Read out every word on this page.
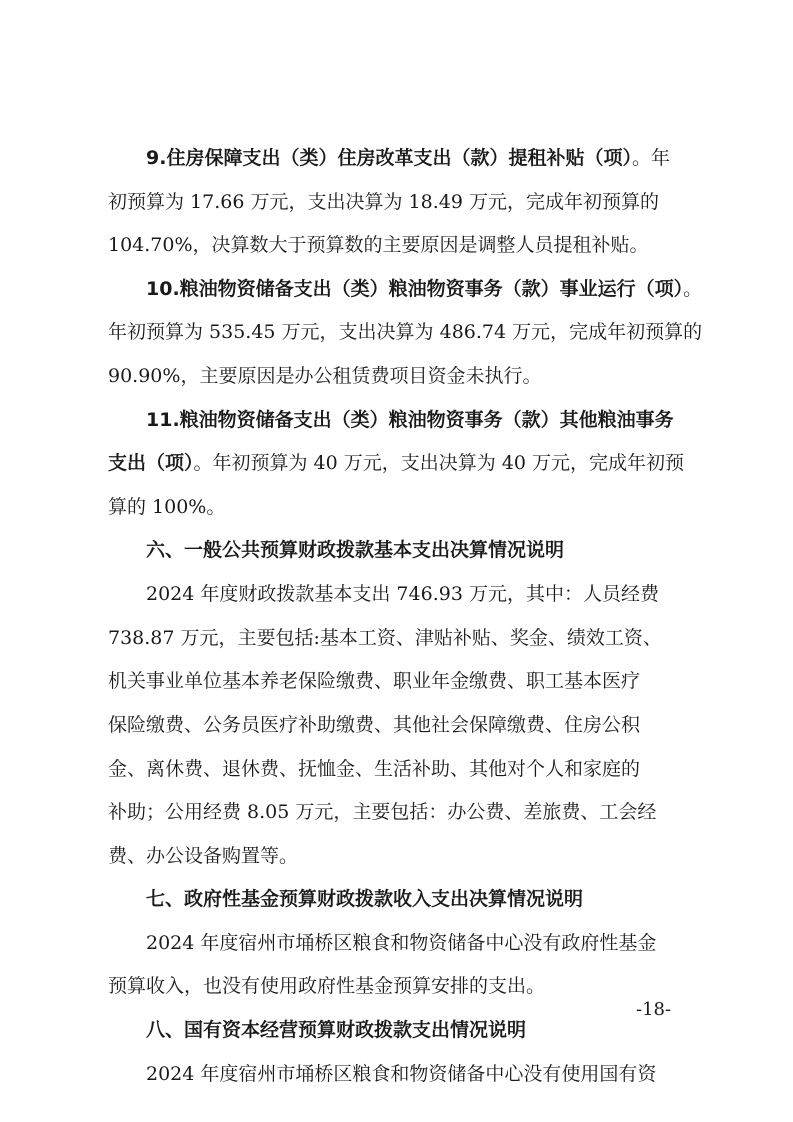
9.住房保障支出（类）住房改革支出（款）提租补贴（项）。年
初预算为 17.66 万元，支出决算为 18.49 万元，完成年初预算的
104.70%，决算数大于预算数的主要原因是调整人员提租补贴。
10.粮油物资储备支出（类）粮油物资事务（款）事业运行（项）。
年初预算为 535.45 万元，支出决算为 486.74 万元，完成年初预算的
90.90%，主要原因是办公租赁费项目资金未执行。
11.粮油物资储备支出（类）粮油物资事务（款）其他粮油事务
支出（项）。年初预算为 40 万元，支出决算为 40 万元，完成年初预
算的 100%。
六、一般公共预算财政拨款基本支出决算情况说明
2024 年度财政拨款基本支出 746.93 万元，其中：人员经费
738.87 万元，主要包括:基本工资、津贴补贴、奖金、绩效工资、
机关事业单位基本养老保险缴费、职业年金缴费、职工基本医疗
保险缴费、公务员医疗补助缴费、其他社会保障缴费、住房公积
金、离休费、退休费、抚恤金、生活补助、其他对个人和家庭的
补助；公用经费 8.05 万元，主要包括：办公费、差旅费、工会经
费、办公设备购置等。
七、政府性基金预算财政拨款收入支出决算情况说明
2024 年度宿州市埇桥区粮食和物资储备中心没有政府性基金
预算收入，也没有使用政府性基金预算安排的支出。
八、国有资本经营预算财政拨款支出情况说明
2024 年度宿州市埇桥区粮食和物资储备中心没有使用国有资
-18-
